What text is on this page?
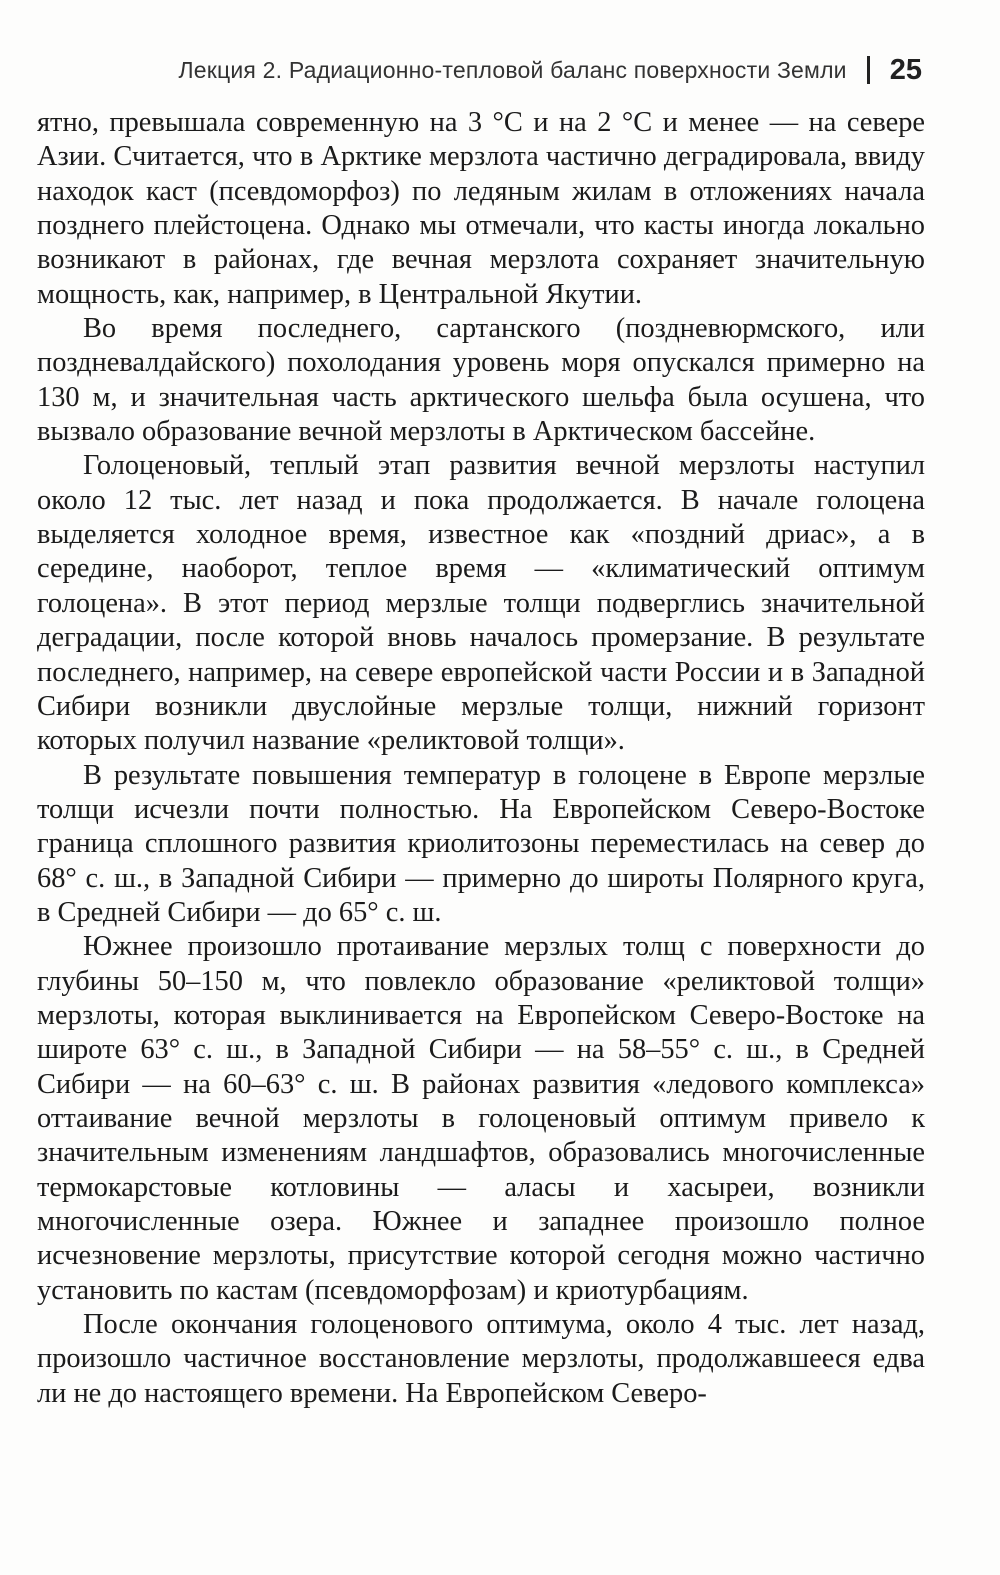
Лекция 2. Радиационно-тепловой баланс поверхности Земли 25

ятно, превышала современную на 3 °С и на 2 °С и менее — на севере Азии. Считается, что в Арктике мерзлота частично деградировала, ввиду находок каст (псевдоморфоз) по ледяным жилам в отложениях начала позднего плейстоцена. Однако мы отмечали, что касты иногда локально возникают в районах, где вечная мерзлота сохраняет значительную мощность, как, например, в Центральной Якутии.

Во время последнего, сартанского (поздневюрмского, или поздневалдайского) похолодания уровень моря опускался примерно на 130 м, и значительная часть арктического шельфа была осушена, что вызвало образование вечной мерзлоты в Арктическом бассейне.

Голоценовый, теплый этап развития вечной мерзлоты наступил около 12 тыс. лет назад и пока продолжается. В начале голоцена выделяется холодное время, известное как «поздний дриас», а в середине, наоборот, теплое время — «климатический оптимум голоцена». В этот период мерзлые толщи подверглись значительной деградации, после которой вновь началось промерзание. В результате последнего, например, на севере европейской части России и в Западной Сибири возникли двуслойные мерзлые толщи, нижний горизонт которых получил название «реликтовой толщи».

В результате повышения температур в голоцене в Европе мерзлые толщи исчезли почти полностью. На Европейском Северо-Востоке граница сплошного развития криолитозоны переместилась на север до 68° с. ш., в Западной Сибири — примерно до широты Полярного круга, в Средней Сибири — до 65° с. ш.

Южнее произошло протаивание мерзлых толщ с поверхности до глубины 50–150 м, что повлекло образование «реликтовой толщи» мерзлоты, которая выклинивается на Европейском Северо-Востоке на широте 63° с. ш., в Западной Сибири — на 58–55° с. ш., в Средней Сибири — на 60–63° с. ш. В районах развития «ледового комплекса» оттаивание вечной мерзлоты в голоценовый оптимум привело к значительным изменениям ландшафтов, образовались многочисленные термокарстовые котловины — аласы и хасыреи, возникли многочисленные озера. Южнее и западнее произошло полное исчезновение мерзлоты, присутствие которой сегодня можно частично установить по кастам (псевдоморфозам) и криотурбациям.

После окончания голоценового оптимума, около 4 тыс. лет назад, произошло частичное восстановление мерзлоты, продолжавшееся едва ли не до настоящего времени. На Европейском Северо-
